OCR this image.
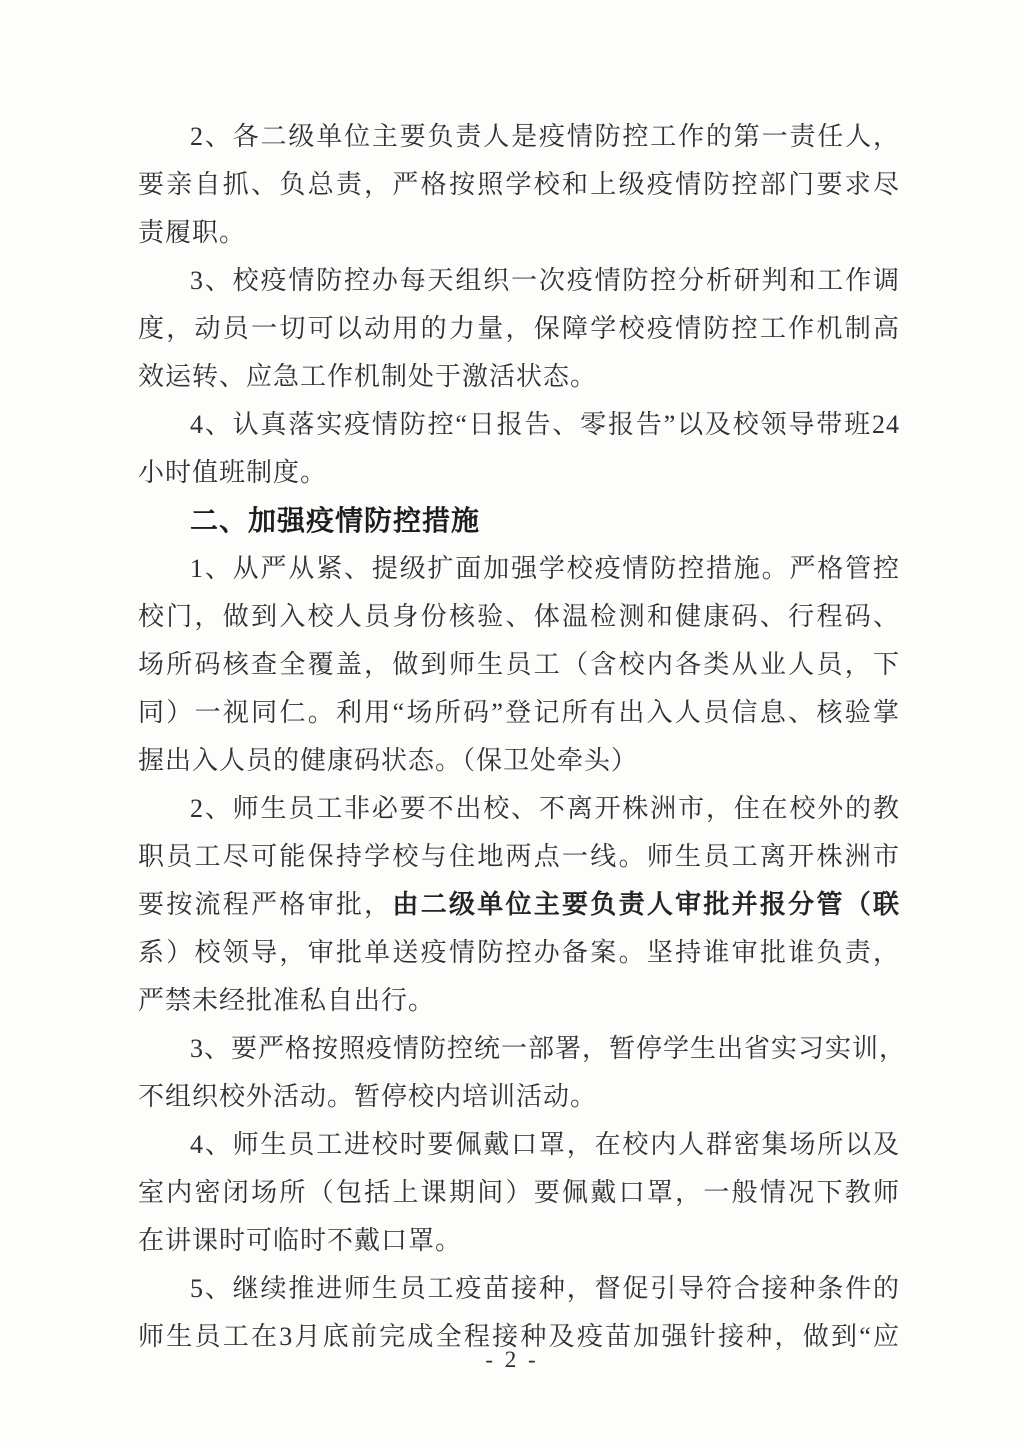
2、各二级单位主要负责人是疫情防控工作的第一责任人，
要亲自抓、负总责，严格按照学校和上级疫情防控部门要求尽
责履职。
3、校疫情防控办每天组织一次疫情防控分析研判和工作调
度，动员一切可以动用的力量，保障学校疫情防控工作机制高
效运转、应急工作机制处于激活状态。
4、认真落实疫情防控“日报告、零报告”以及校领导带班24
小时值班制度。
二、加强疫情防控措施
1、从严从紧、提级扩面加强学校疫情防控措施。严格管控
校门，做到入校人员身份核验、体温检测和健康码、行程码、
场所码核查全覆盖，做到师生员工（含校内各类从业人员，下
同）一视同仁。利用“场所码”登记所有出入人员信息、核验掌
握出入人员的健康码状态。（保卫处牵头）
2、师生员工非必要不出校、不离开株洲市，住在校外的教
职员工尽可能保持学校与住地两点一线。师生员工离开株洲市
要按流程严格审批，由二级单位主要负责人审批并报分管（联
系）校领导，审批单送疫情防控办备案。坚持谁审批谁负责，
严禁未经批准私自出行。
3、要严格按照疫情防控统一部署，暂停学生出省实习实训，
不组织校外活动。暂停校内培训活动。
4、师生员工进校时要佩戴口罩，在校内人群密集场所以及
室内密闭场所（包括上课期间）要佩戴口罩，一般情况下教师
在讲课时可临时不戴口罩。
5、继续推进师生员工疫苗接种，督促引导符合接种条件的
师生员工在3月底前完成全程接种及疫苗加强针接种，做到“应
- 2 -
